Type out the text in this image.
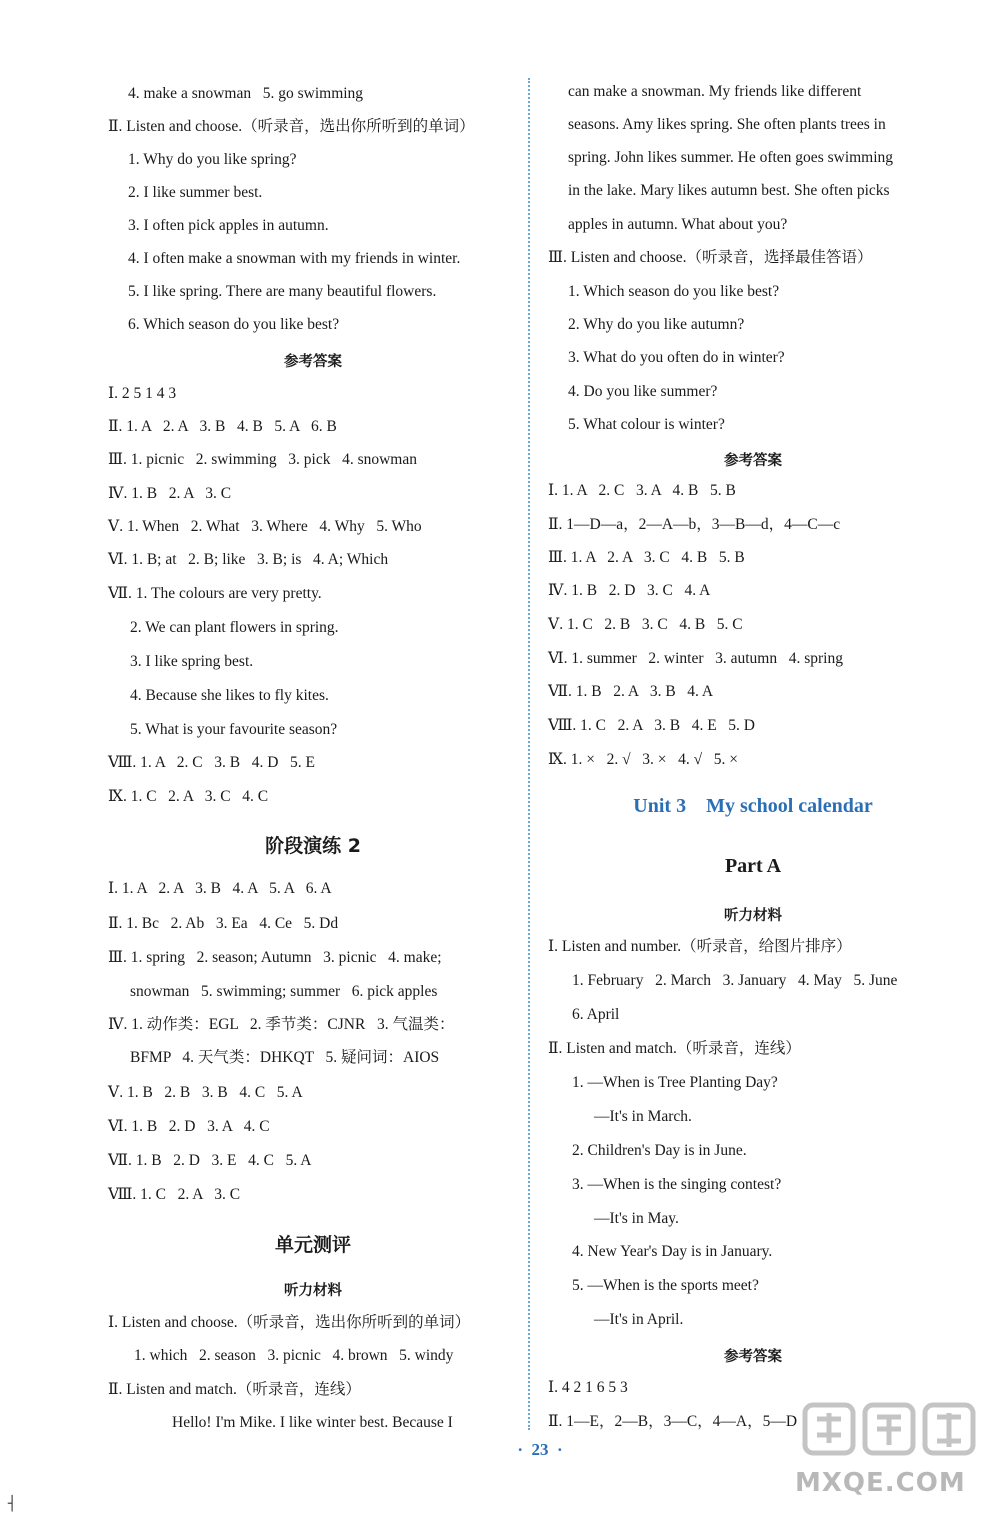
·  23  ·
MXQE.COM
┤
4. make a snowman   5. go swimming
Ⅱ. Listen and choose.（听录音，选出你所听到的单词）
1. Why do you like spring?
2. I like summer best.
3. I often pick apples in autumn.
4. I often make a snowman with my friends in winter.
5. I like spring. There are many beautiful flowers.
6. Which season do you like best?
参考答案
Ⅰ. 2 5 1 4 3
Ⅱ. 1. A   2. A   3. B   4. B   5. A   6. B
Ⅲ. 1. picnic   2. swimming   3. pick   4. snowman
Ⅳ. 1. B   2. A   3. C
Ⅴ. 1. When   2. What   3. Where   4. Why   5. Who
Ⅵ. 1. B; at   2. B; like   3. B; is   4. A; Which
Ⅶ. 1. The colours are very pretty.
2. We can plant flowers in spring.
3. I like spring best.
4. Because she likes to fly kites.
5. What is your favourite season?
Ⅷ. 1. A   2. C   3. B   4. D   5. E
Ⅸ. 1. C   2. A   3. C   4. C
阶段演练 2
Ⅰ. 1. A   2. A   3. B   4. A   5. A   6. A
Ⅱ. 1. Bc   2. Ab   3. Ea   4. Ce   5. Dd
Ⅲ. 1. spring   2. season; Autumn   3. picnic   4. make;
snowman   5. swimming; summer   6. pick apples
Ⅳ. 1. 动作类：EGL   2. 季节类：CJNR   3. 气温类：
BFMP   4. 天气类：DHKQT   5. 疑问词：AIOS
Ⅴ. 1. B   2. B   3. B   4. C   5. A
Ⅵ. 1. B   2. D   3. A   4. C
Ⅶ. 1. B   2. D   3. E   4. C   5. A
Ⅷ. 1. C   2. A   3. C
单元测评
听力材料
Ⅰ. Listen and choose.（听录音，选出你所听到的单词）
1. which   2. season   3. picnic   4. brown   5. windy
Ⅱ. Listen and match.（听录音，连线）
Hello! I'm Mike. I like winter best. Because I
can make a snowman. My friends like different
seasons. Amy likes spring. She often plants trees in
spring. John likes summer. He often goes swimming
in the lake. Mary likes autumn best. She often picks
apples in autumn. What about you?
Ⅲ. Listen and choose.（听录音，选择最佳答语）
1. Which season do you like best?
2. Why do you like autumn?
3. What do you often do in winter?
4. Do you like summer?
5. What colour is winter?
参考答案
Ⅰ. 1. A   2. C   3. A   4. B   5. B
Ⅱ. 1—D—a，2—A—b，3—B—d，4—C—c
Ⅲ. 1. A   2. A   3. C   4. B   5. B
Ⅳ. 1. B   2. D   3. C   4. A
Ⅴ. 1. C   2. B   3. C   4. B   5. C
Ⅵ. 1. summer   2. winter   3. autumn   4. spring
Ⅶ. 1. B   2. A   3. B   4. A
Ⅷ. 1. C   2. A   3. B   4. E   5. D
Ⅸ. 1. ×   2. √   3. ×   4. √   5. ×
Unit 3    My school calendar
Part A
听力材料
Ⅰ. Listen and number.（听录音，给图片排序）
1. February   2. March   3. January   4. May   5. June
6. April
Ⅱ. Listen and match.（听录音，连线）
1. —When is Tree Planting Day?
—It's in March.
2. Children's Day is in June.
3. —When is the singing contest?
—It's in May.
4. New Year's Day is in January.
5. —When is the sports meet?
—It's in April.
参考答案
Ⅰ. 4 2 1 6 5 3
Ⅱ. 1—E，2—B，3—C，4—A，5—D
